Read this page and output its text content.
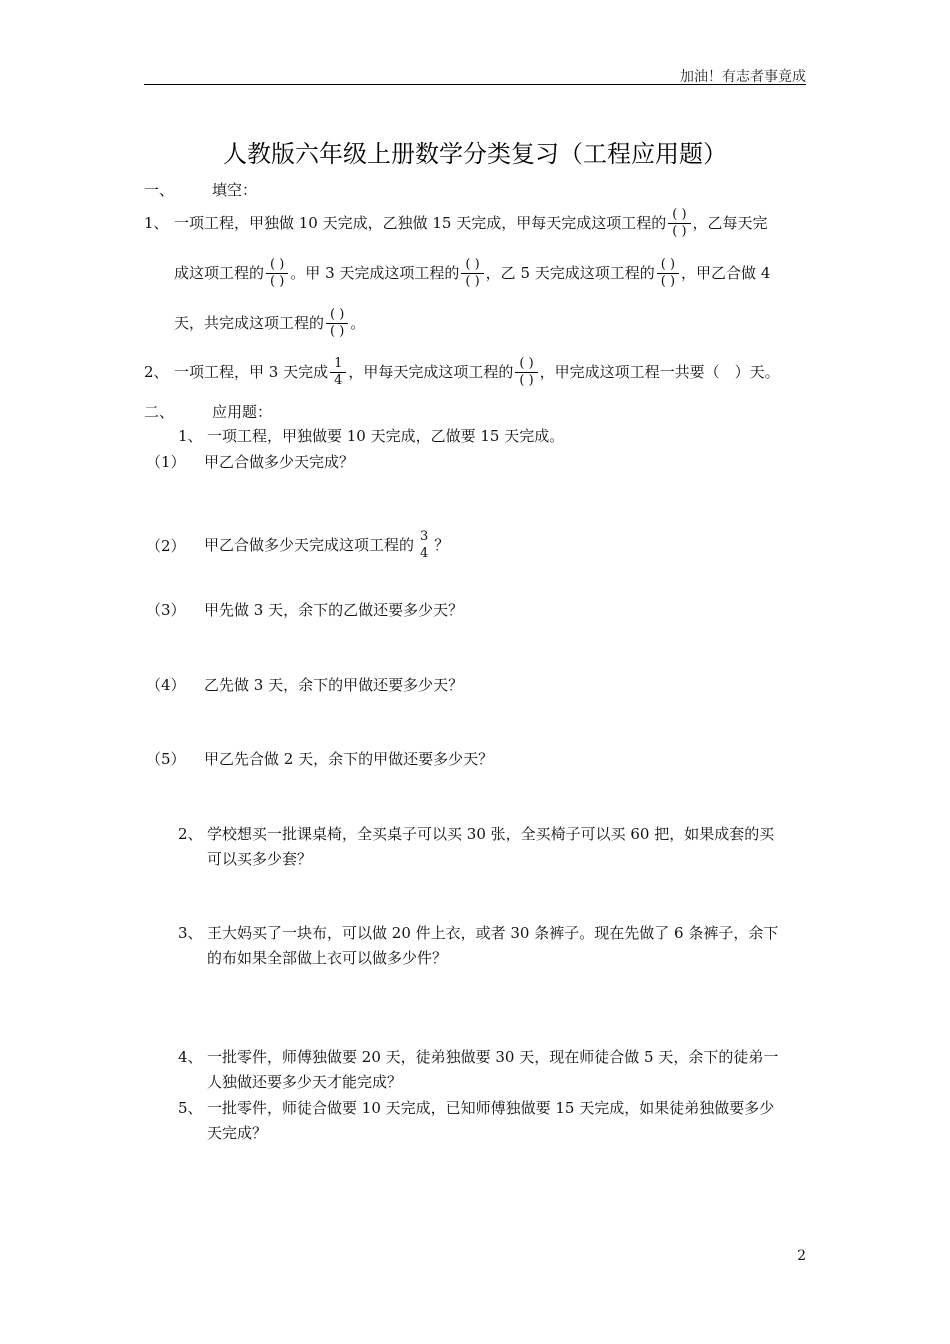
加油！有志者事竟成
人教版六年级上册数学分类复习（工程应用题）
一、	填空：
1、 一项工程，甲独做 10 天完成，乙独做 15 天完成，甲每天完成这项工程的 $\frac{( )}{( )}$ ，乙每天完
成这项工程的 $\frac{( )}{( )}$ 。甲 3 天完成这项工程的 $\frac{( )}{( )}$ ，乙 5 天完成这项工程的 $\frac{( )}{( )}$ ，甲乙合做 4
天，共完成这项工程的 $\frac{( )}{( )}$ 。
2、 一项工程，甲 3 天完成 $\frac{1}{4}$ ，甲每天完成这项工程的 $\frac{( )}{( )}$ ，甲完成这项工程一共要（　）天。
二、	应用题：
1、 一项工程，甲独做要 10 天完成，乙做要 15 天完成。
（1） 甲乙合做多少天完成？
（2） 甲乙合做多少天完成这项工程的 3
4 ？
（3） 甲先做 3 天，余下的乙做还要多少天？
（4） 乙先做 3 天，余下的甲做还要多少天？
（5） 甲乙先合做 2 天，余下的甲做还要多少天？
2、 学校想买一批课桌椅，全买桌子可以买 30 张，全买椅子可以买 60 把，如果成套的买
可以买多少套？
3、 王大妈买了一块布，可以做 20 件上衣，或者 30 条裤子。现在先做了 6 条裤子，余下
的布如果全部做上衣可以做多少件？
4、 一批零件，师傅独做要 20 天，徒弟独做要 30 天，现在师徒合做 5 天，余下的徒弟一
人独做还要多少天才能完成？
5、 一批零件，师徒合做要 10 天完成，已知师傅独做要 15 天完成，如果徒弟独做要多少
天完成？
2
